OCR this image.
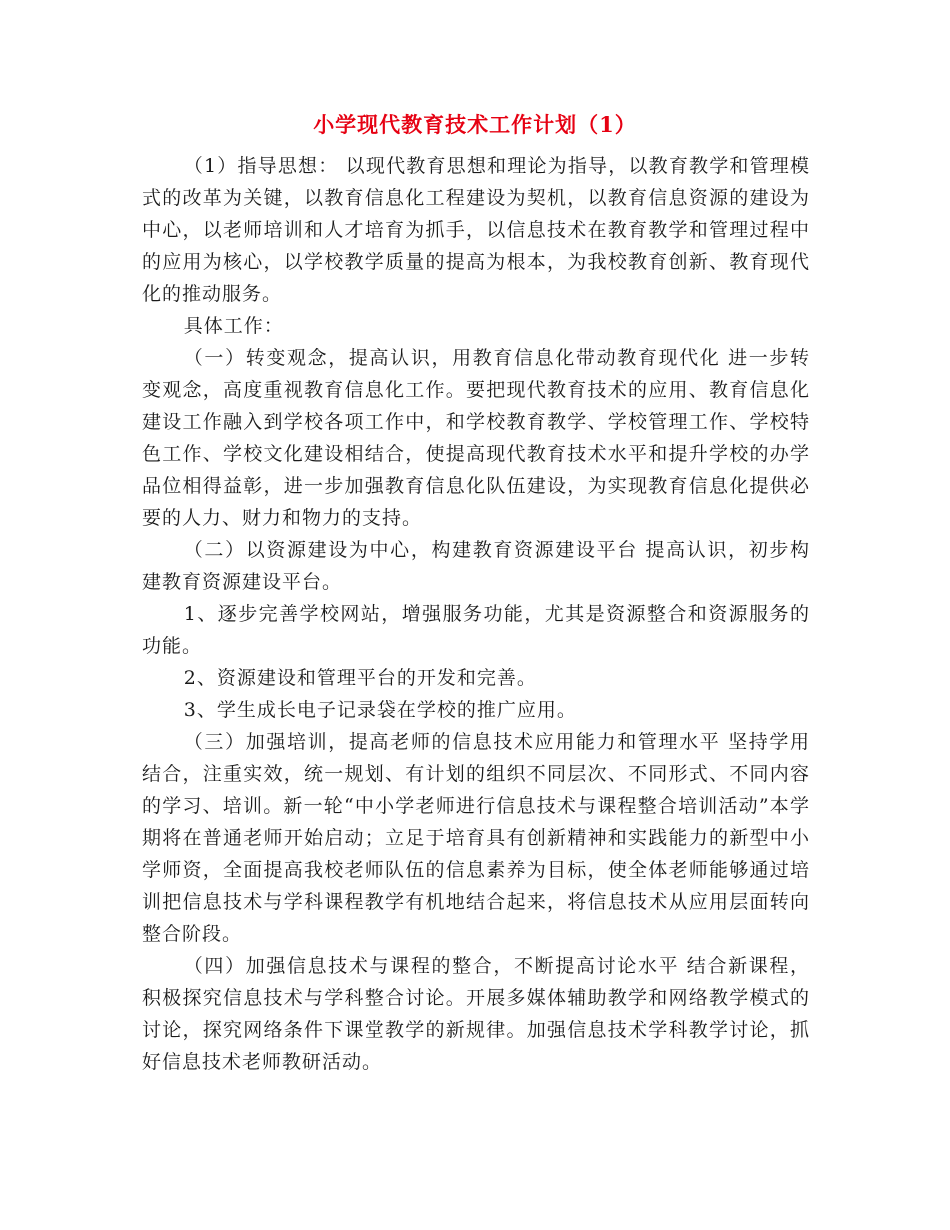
小学现代教育技术工作计划（1）

（1）指导思想： 以现代教育思想和理论为指导，以教育教学和管理模式的改革为关键，以教育信息化工程建设为契机，以教育信息资源的建设为中心，以老师培训和人才培育为抓手，以信息技术在教育教学和管理过程中的应用为核心，以学校教学质量的提高为根本，为我校教育创新、教育现代化的推动服务。

具体工作：

（一）转变观念，提高认识，用教育信息化带动教育现代化 进一步转变观念，高度重视教育信息化工作。要把现代教育技术的应用、教育信息化建设工作融入到学校各项工作中，和学校教育教学、学校管理工作、学校特色工作、学校文化建设相结合，使提高现代教育技术水平和提升学校的办学品位相得益彰，进一步加强教育信息化队伍建设，为实现教育信息化提供必要的人力、财力和物力的支持。

（二）以资源建设为中心，构建教育资源建设平台 提高认识，初步构建教育资源建设平台。

1、逐步完善学校网站，增强服务功能，尤其是资源整合和资源服务的功能。

2、资源建设和管理平台的开发和完善。

3、学生成长电子记录袋在学校的推广应用。

（三）加强培训，提高老师的信息技术应用能力和管理水平 坚持学用结合，注重实效，统一规划、有计划的组织不同层次、不同形式、不同内容的学习、培训。新一轮“中小学老师进行信息技术与课程整合培训活动”本学期将在普通老师开始启动；立足于培育具有创新精神和实践能力的新型中小学师资，全面提高我校老师队伍的信息素养为目标，使全体老师能够通过培训把信息技术与学科课程教学有机地结合起来，将信息技术从应用层面转向整合阶段。

（四）加强信息技术与课程的整合，不断提高讨论水平 结合新课程，积极探究信息技术与学科整合讨论。开展多媒体辅助教学和网络教学模式的讨论，探究网络条件下课堂教学的新规律。加强信息技术学科教学讨论，抓好信息技术老师教研活动。
